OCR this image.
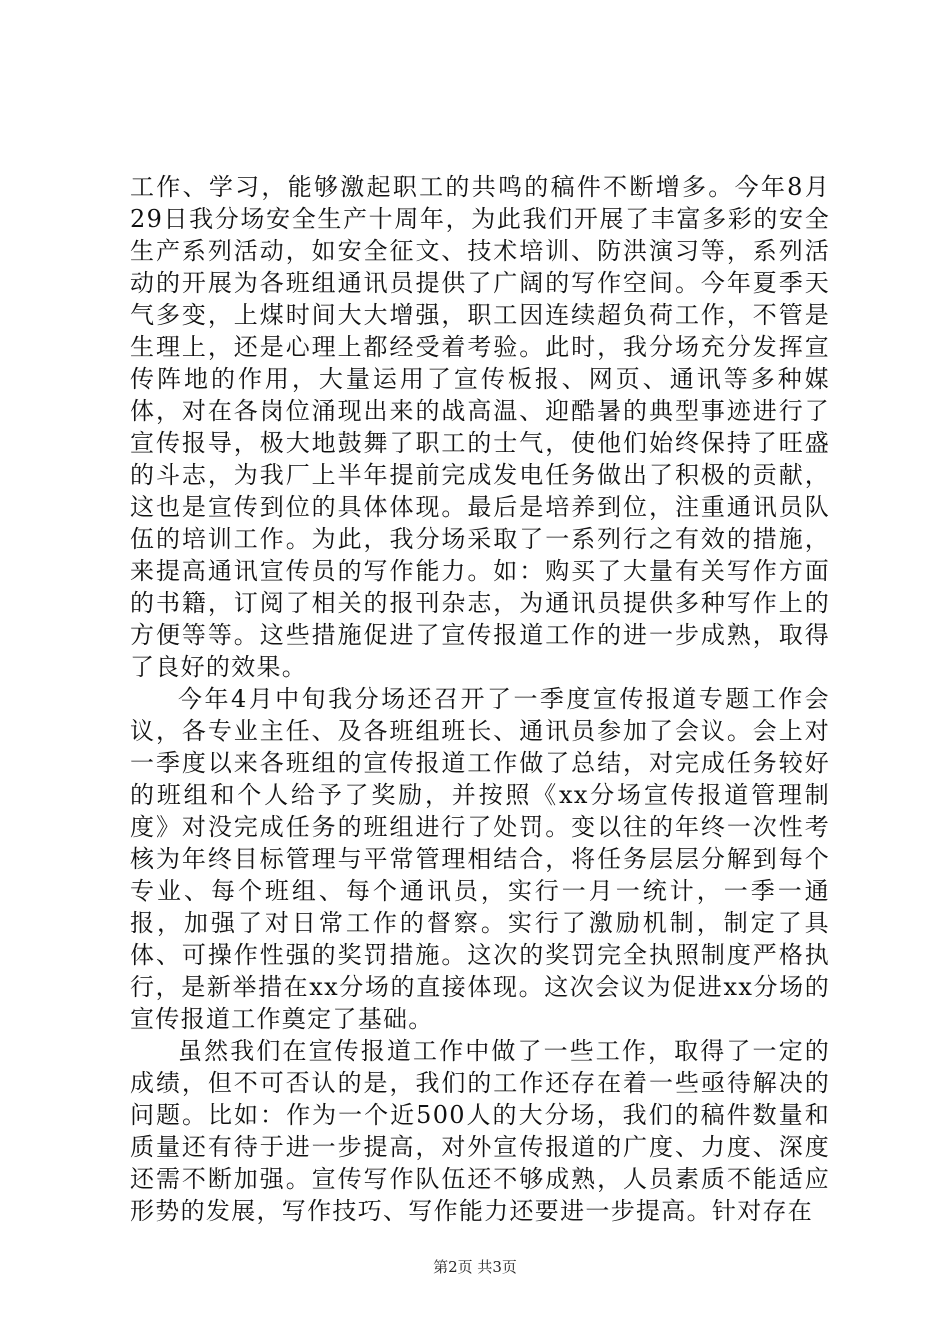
工作、学习，能够激起职工的共鸣的稿件不断增多。今年8月29日我分场安全生产十周年，为此我们开展了丰富多彩的安全生产系列活动，如安全征文、技术培训、防洪演习等，系列活动的开展为各班组通讯员提供了广阔的写作空间。今年夏季天气多变，上煤时间大大增强，职工因连续超负荷工作，不管是生理上，还是心理上都经受着考验。此时，我分场充分发挥宣传阵地的作用，大量运用了宣传板报、网页、通讯等多种媒体，对在各岗位涌现出来的战高温、迎酷暑的典型事迹进行了宣传报导，极大地鼓舞了职工的士气，使他们始终保持了旺盛的斗志，为我厂上半年提前完成发电任务做出了积极的贡献，这也是宣传到位的具体体现。最后是培养到位，注重通讯员队伍的培训工作。为此，我分场采取了一系列行之有效的措施，来提高通讯宣传员的写作能力。如：购买了大量有关写作方面的书籍，订阅了相关的报刊杂志，为通讯员提供多种写作上的方便等等。这些措施促进了宣传报道工作的进一步成熟，取得了良好的效果。

今年4月中旬我分场还召开了一季度宣传报道专题工作会议，各专业主任、及各班组班长、通讯员参加了会议。会上对一季度以来各班组的宣传报道工作做了总结，对完成任务较好的班组和个人给予了奖励，并按照《xx分场宣传报道管理制度》对没完成任务的班组进行了处罚。变以往的年终一次性考核为年终目标管理与平常管理相结合，将任务层层分解到每个专业、每个班组、每个通讯员，实行一月一统计，一季一通报，加强了对日常工作的督察。实行了激励机制，制定了具体、可操作性强的奖罚措施。这次的奖罚完全执照制度严格执行，是新举措在xx分场的直接体现。这次会议为促进xx分场的宣传报道工作奠定了基础。

虽然我们在宣传报道工作中做了一些工作，取得了一定的成绩，但不可否认的是，我们的工作还存在着一些亟待解决的问题。比如：作为一个近500人的大分场，我们的稿件数量和质量还有待于进一步提高，对外宣传报道的广度、力度、深度还需不断加强。宣传写作队伍还不够成熟，人员素质不能适应形势的发展，写作技巧、写作能力还要进一步提高。针对存在

第2页 共3页
